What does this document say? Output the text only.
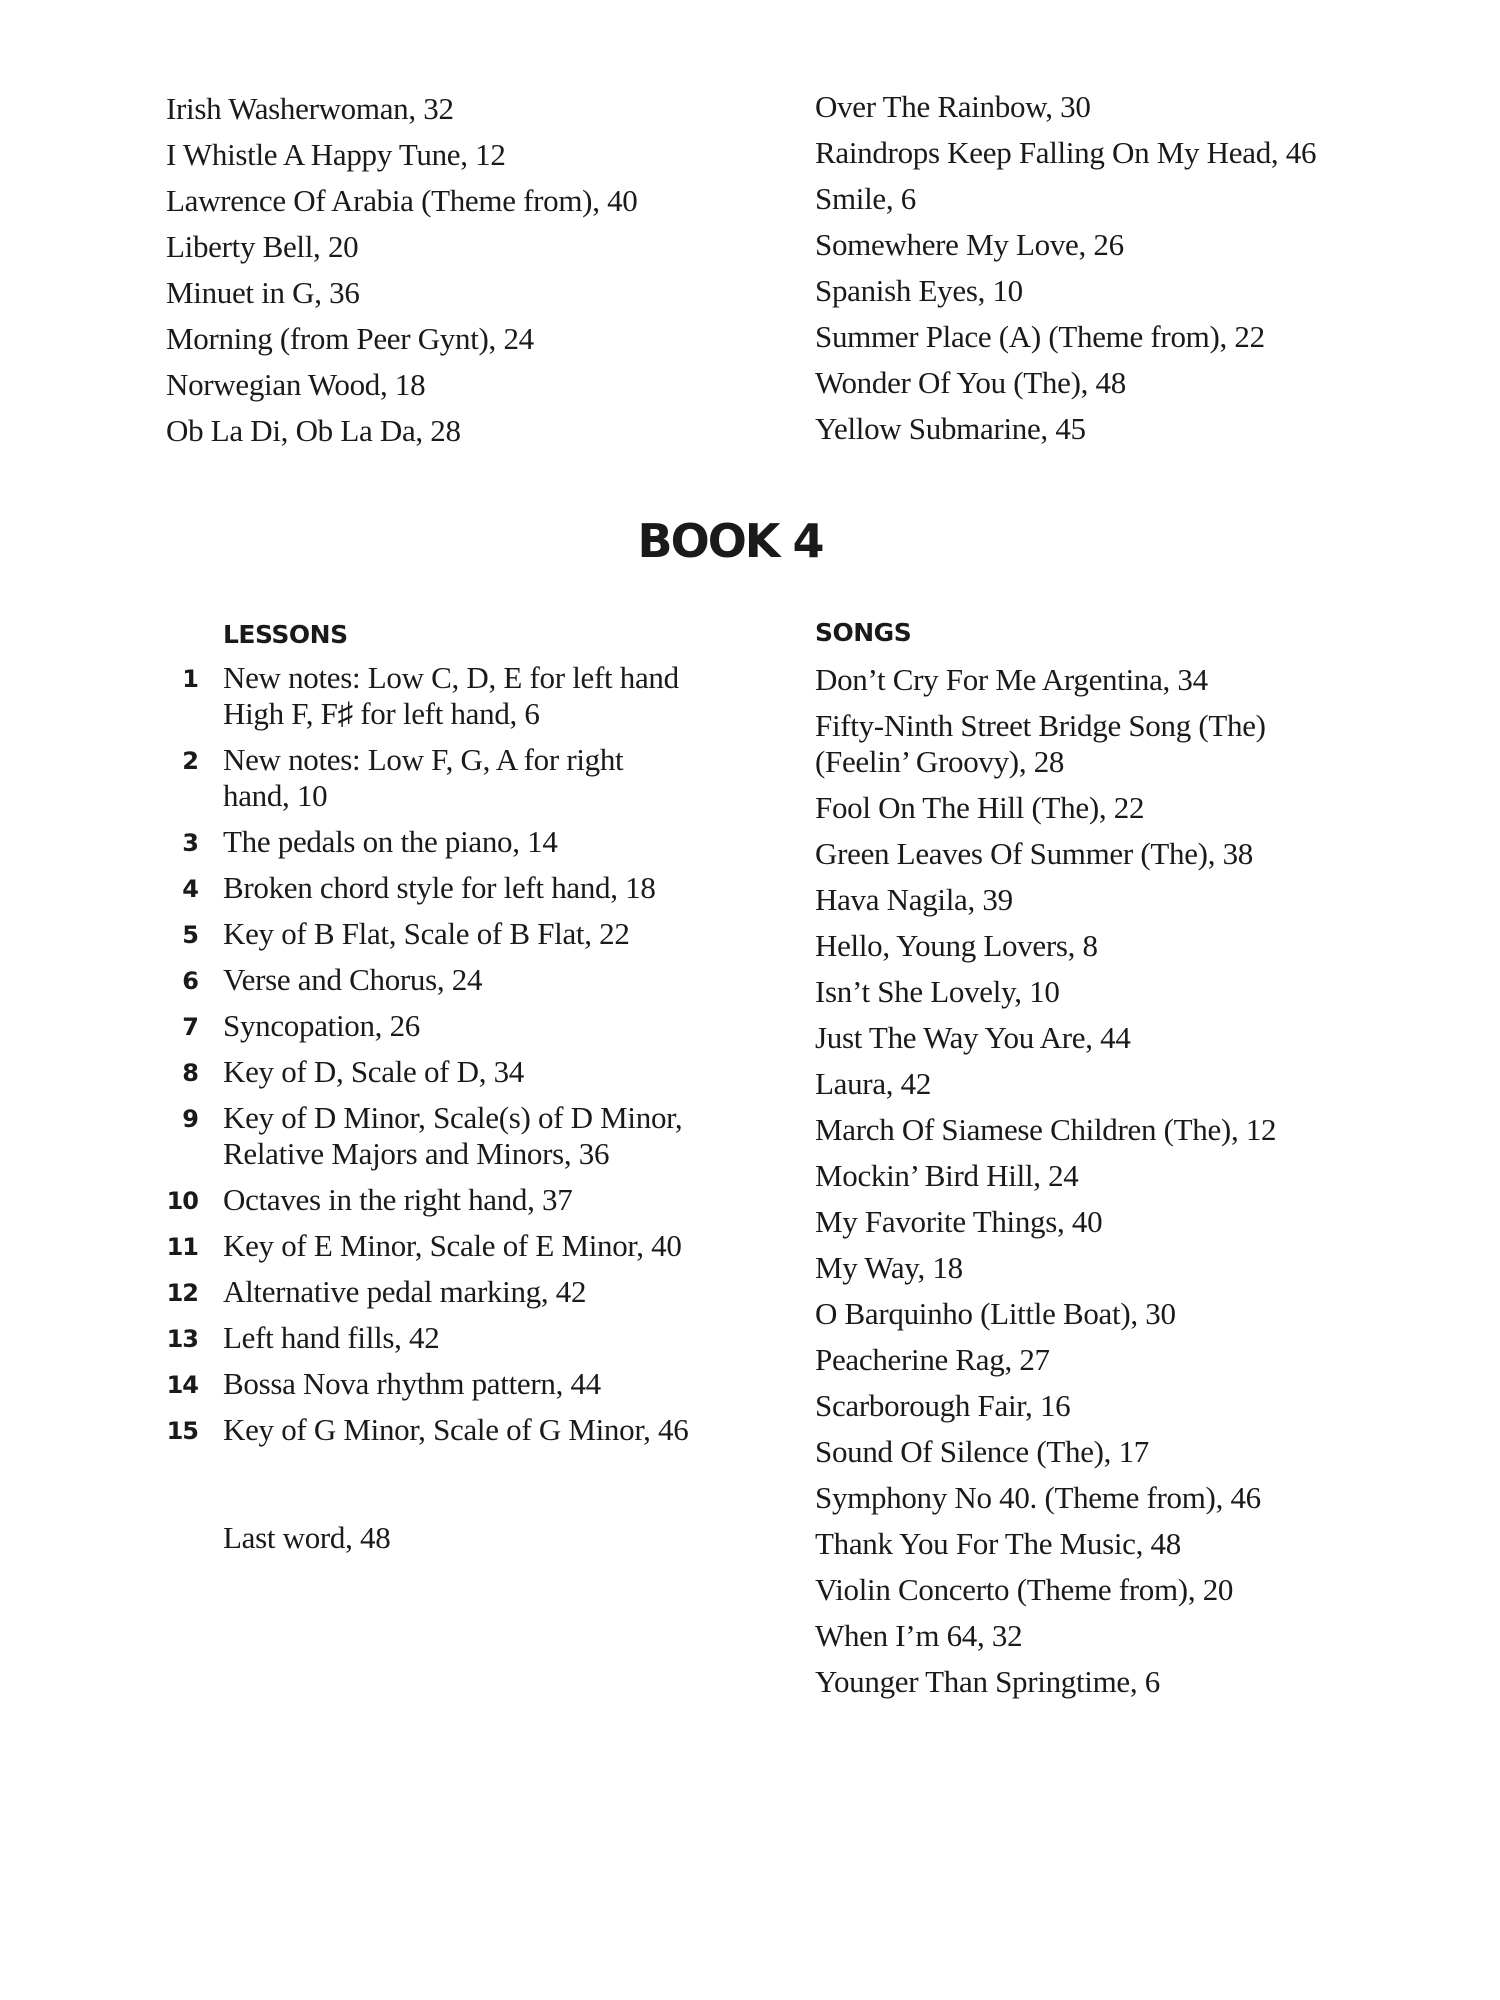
Irish Washerwoman, 32
I Whistle A Happy Tune, 12
Lawrence Of Arabia (Theme from), 40
Liberty Bell, 20
Minuet in G, 36
Morning (from Peer Gynt), 24
Norwegian Wood, 18
Ob La Di, Ob La Da, 28
Over The Rainbow, 30
Raindrops Keep Falling On My Head, 46
Smile, 6
Somewhere My Love, 26
Spanish Eyes, 10
Summer Place (A) (Theme from), 22
Wonder Of You (The), 48
Yellow Submarine, 45
BOOK 4
LESSONS
1 New notes: Low C, D, E for left hand
High F, F♯ for left hand, 6
2 New notes: Low F, G, A for right
hand, 10
3 The pedals on the piano, 14
4 Broken chord style for left hand, 18
5 Key of B Flat, Scale of B Flat, 22
6 Verse and Chorus, 24
7 Syncopation, 26
8 Key of D, Scale of D, 34
9 Key of D Minor, Scale(s) of D Minor,
Relative Majors and Minors, 36
10 Octaves in the right hand, 37
11 Key of E Minor, Scale of E Minor, 40
12 Alternative pedal marking, 42
13 Left hand fills, 42
14 Bossa Nova rhythm pattern, 44
15 Key of G Minor, Scale of G Minor, 46

Last word, 48

SONGS
Don’t Cry For Me Argentina, 34
Fifty-Ninth Street Bridge Song (The)
(Feelin’ Groovy), 28
Fool On The Hill (The), 22
Green Leaves Of Summer (The), 38
Hava Nagila, 39
Hello, Young Lovers, 8
Isn’t She Lovely, 10
Just The Way You Are, 44
Laura, 42
March Of Siamese Children (The), 12
Mockin’ Bird Hill, 24
My Favorite Things, 40
My Way, 18
O Barquinho (Little Boat), 30
Peacherine Rag, 27
Scarborough Fair, 16
Sound Of Silence (The), 17
Symphony No 40. (Theme from), 46
Thank You For The Music, 48
Violin Concerto (Theme from), 20
When I’m 64, 32
Younger Than Springtime, 6
